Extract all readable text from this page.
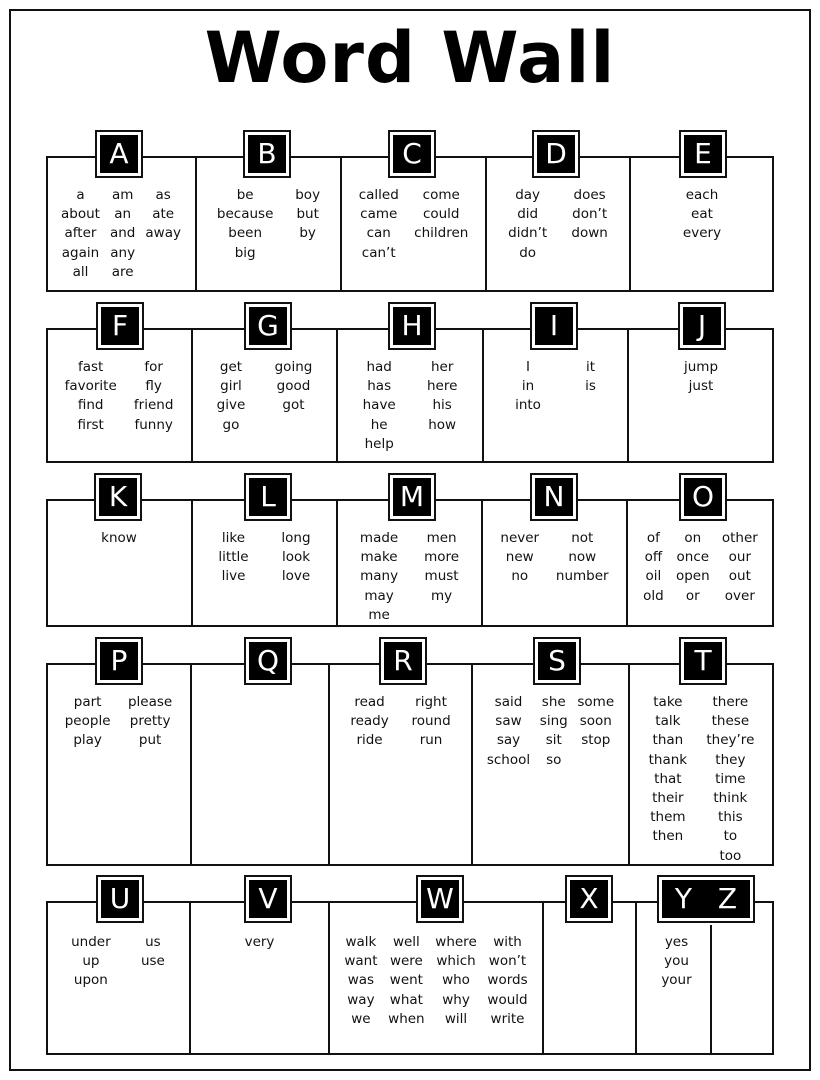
Word Wall
A
a
about
after
again
all
am
an
and
any
are
as
ate
away
B
be
because
been
big
boy
but
by
C
called
came
can
can’t
come
could
children
D
day
did
didn’t
do
does
don’t
down
E
each
eat
every
F
fast
favorite
find
first
for
fly
friend
funny
G
get
girl
give
go
going
good
got
H
had
has
have
he
help
her
here
his
how
I
I
in
into
it
is
J
jump
just
K
know
L
like
little
live
long
look
love
M
made
make
many
may
me
men
more
must
my
N
never
new
no
not
now
number
O
of
off
oil
old
on
once
open
or
other
our
out
over
P
part
people
play
please
pretty
put
Q	R
read
ready
ride
right
round
run
S
said
saw
say
school
she
sing
sit
so
some
soon
stop
T
take
talk
than
thank
that
their
them
then
there
these
they’re
they
time
think
this
to
too
U
under
up
upon
us
use
V
very
W
walk
want
was
way
we
well
were
went
what
when
where
which
who
why
will
with
won’t
words
would
write
X	Y Z
yes
you
your
